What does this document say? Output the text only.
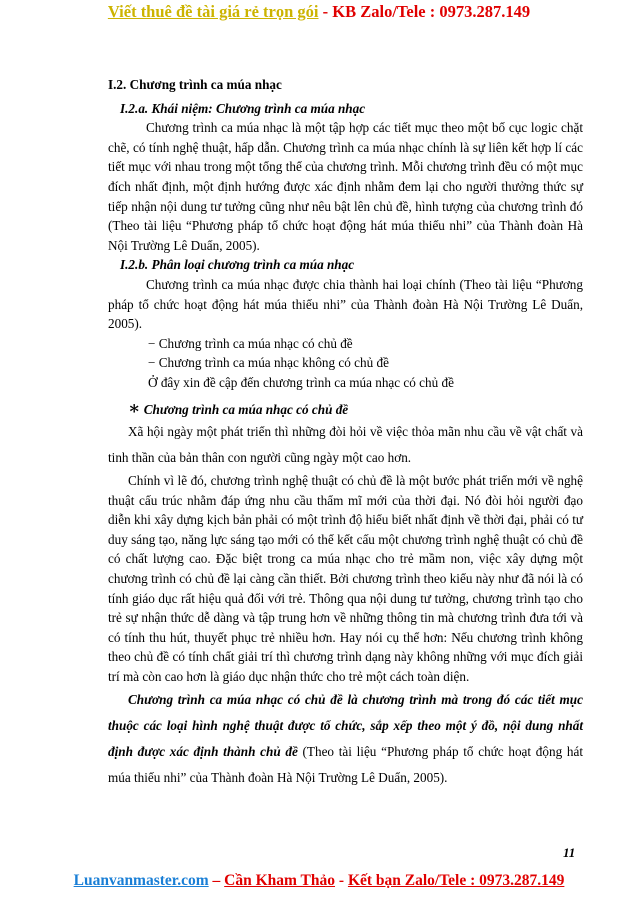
Viết thuê đề tài giá rẻ trọn gói - KB Zalo/Tele : 0973.287.149

I.2. Chương trình ca múa nhạc

I.2.a. Khái niệm: Chương trình ca múa nhạc

Chương trình ca múa nhạc là một tập hợp các tiết mục theo một bố cục logic chặt chẽ, có tính nghệ thuật, hấp dẫn. Chương trình ca múa nhạc chính là sự liên kết hợp lí các tiết mục với nhau trong một tổng thể của chương trình. Mỗi chương trình đều có một mục đích nhất định, một định hướng được xác định nhằm đem lại cho người thưởng thức sự tiếp nhận nội dung tư tưởng cũng như nêu bật lên chủ đề, hình tượng của chương trình đó (Theo tài liệu “Phương pháp tổ chức hoạt động hát múa thiếu nhi” của Thành đoàn Hà Nội Trường Lê Duẩn, 2005).

I.2.b. Phân loại chương trình ca múa nhạc

Chương trình ca múa nhạc được chia thành hai loại chính (Theo tài liệu “Phương pháp tổ chức hoạt động hát múa thiếu nhi” của Thành đoàn Hà Nội Trường Lê Duẩn, 2005).

− Chương trình ca múa nhạc có chủ đề

− Chương trình ca múa nhạc không có chủ đề

Ở đây xin đề cập đến chương trình ca múa nhạc có chủ đề

∗ Chương trình ca múa nhạc có chủ đề

Xã hội ngày một phát triển thì những đòi hỏi về việc thỏa mãn nhu cầu về vật chất và tinh thần của bản thân con người cũng ngày một cao hơn.

Chính vì lẽ đó, chương trình nghệ thuật có chủ đề là một bước phát triển mới về nghệ thuật cấu trúc nhằm đáp ứng nhu cầu thẩm mĩ mới của thời đại. Nó đòi hỏi người đạo diễn khi xây dựng kịch bản phải có một trình độ hiểu biết nhất định về thời đại, phải có tư duy sáng tạo, năng lực sáng tạo mới có thể kết cấu một chương trình nghệ thuật có chủ đề có chất lượng cao. Đặc biệt trong ca múa nhạc cho trẻ mầm non, việc xây dựng một chương trình có chủ đề lại càng cần thiết. Bởi chương trình theo kiểu này như đã nói là có tính giáo dục rất hiệu quả đối với trẻ. Thông qua nội dung tư tưởng, chương trình tạo cho trẻ sự nhận thức dễ dàng và tập trung hơn về những thông tin mà chương trình đưa tới và có tính thu hút, thuyết phục trẻ nhiều hơn. Hay nói cụ thể hơn: Nếu chương trình không theo chủ đề có tính chất giải trí thì chương trình dạng này không những với mục đích giải trí mà còn cao hơn là giáo dục nhận thức cho trẻ một cách toàn diện.

Chương trình ca múa nhạc có chủ đề là chương trình mà trong đó các tiết mục thuộc các loại hình nghệ thuật được tổ chức, sắp xếp theo một ý đồ, nội dung nhất định được xác định thành chủ đề (Theo tài liệu “Phương pháp tổ chức hoạt động hát múa thiếu nhi” của Thành đoàn Hà Nội Trường Lê Duẩn, 2005).

11
Luanvanmaster.com – Cần Kham Thảo - Kết bạn Zalo/Tele : 0973.287.149
